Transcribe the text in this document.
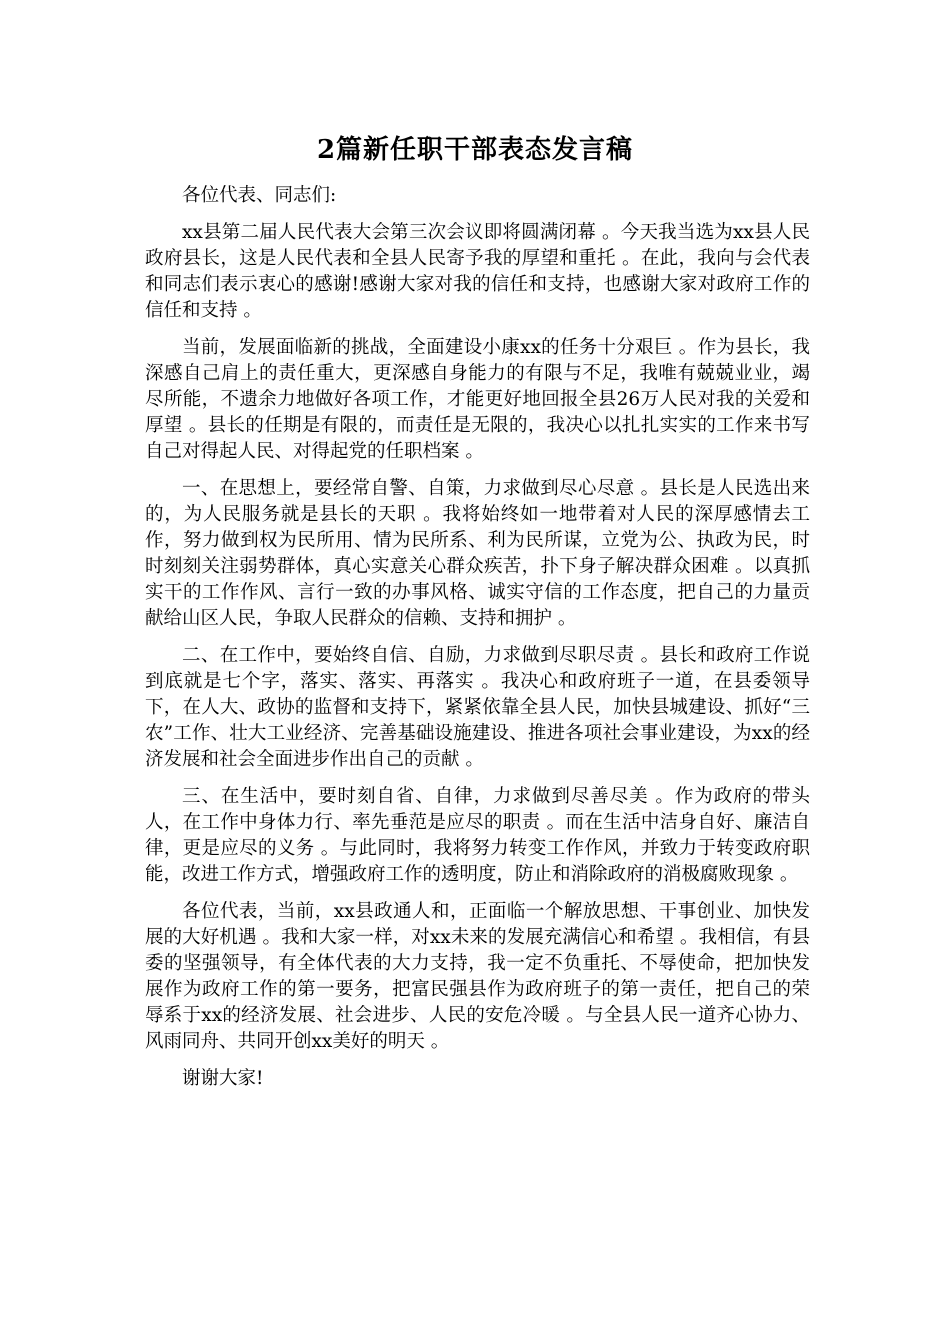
2篇新任职干部表态发言稿

各位代表、同志们:

xx县第二届人民代表大会第三次会议即将圆满闭幕 。今天我当选为xx县人民政府县长，这是人民代表和全县人民寄予我的厚望和重托 。在此，我向与会代表和同志们表示衷心的感谢!感谢大家对我的信任和支持，也感谢大家对政府工作的信任和支持 。

当前，发展面临新的挑战，全面建设小康xx的任务十分艰巨 。作为县长，我深感自己肩上的责任重大，更深感自身能力的有限与不足，我唯有兢兢业业，竭尽所能，不遗余力地做好各项工作，才能更好地回报全县26万人民对我的关爱和厚望 。县长的任期是有限的，而责任是无限的，我决心以扎扎实实的工作来书写自己对得起人民、对得起党的任职档案 。

一、在思想上，要经常自警、自策，力求做到尽心尽意 。县长是人民选出来的，为人民服务就是县长的天职 。我将始终如一地带着对人民的深厚感情去工作，努力做到权为民所用、情为民所系、利为民所谋，立党为公、执政为民，时时刻刻关注弱势群体，真心实意关心群众疾苦，扑下身子解决群众困难 。以真抓实干的工作作风、言行一致的办事风格、诚实守信的工作态度，把自己的力量贡献给山区人民，争取人民群众的信赖、支持和拥护 。

二、在工作中，要始终自信、自励，力求做到尽职尽责 。县长和政府工作说到底就是七个字，落实、落实、再落实 。我决心和政府班子一道，在县委领导下，在人大、政协的监督和支持下，紧紧依靠全县人民，加快县城建设、抓好“三农”工作、壮大工业经济、完善基础设施建设、推进各项社会事业建设，为xx的经济发展和社会全面进步作出自己的贡献 。

三、在生活中，要时刻自省、自律，力求做到尽善尽美 。作为政府的带头人，在工作中身体力行、率先垂范是应尽的职责 。而在生活中洁身自好、廉洁自律，更是应尽的义务 。与此同时，我将努力转变工作作风，并致力于转变政府职能，改进工作方式，增强政府工作的透明度，防止和消除政府的消极腐败现象 。

各位代表，当前，xx县政通人和，正面临一个解放思想、干事创业、加快发展的大好机遇 。我和大家一样，对xx未来的发展充满信心和希望 。我相信，有县委的坚强领导，有全体代表的大力支持，我一定不负重托、不辱使命，把加快发展作为政府工作的第一要务，把富民强县作为政府班子的第一责任，把自己的荣辱系于xx的经济发展、社会进步、人民的安危冷暖 。与全县人民一道齐心协力、风雨同舟、共同开创xx美好的明天 。

谢谢大家!
